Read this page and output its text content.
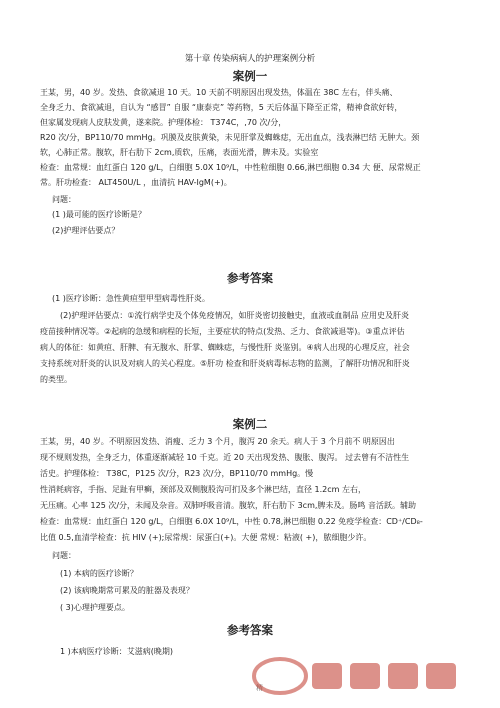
第十章 传染病病人的护理案例分析
案例一
王某，男，40 岁。发热、食欲减退 10 天。10 天前不明原因出现发热，体温在 38C 左右，伴头痛、
全身乏力、食欲减退，自认为 “感冒” 自服 “康泰克” 等药物，5 天后体温下降至正常，精神食欲好转，
但家属发现病人皮肤发黄，遂来院。护理体检： T374C，,70 次/分，
R20 次/分，BP110/70 mmHg。巩膜及皮肤黄染，未见肝掌及蜘蛛痣，无出血点，浅表淋巴结 无肿大。颈
软，心肺正常。腹软，肝右肋下 2cm,质软，压痛，表面光滑，脾未及。实验室
检查：血常规：血红蛋白 120 g/L，白细胞 5.0X 10⁹/L，中性粒细胞 0.66,淋巴细胞 0.34 大 便、尿常规正
常。肝功检查： ALT450U/L ，血清抗 HAV-IgM(+)。
问题：
(1 )最可能的医疗诊断是？
(2)护理评估要点？
参考答案
(1 )医疗诊断：急性黄疸型甲型病毒性肝炎。
(2)护理评估要点：①流行病学史及个体免疫情况，如肝炎密切接触史，血液或血制品 应用史及肝炎
疫苗接种情况等。②起病的急缓和病程的长短，主要症状的特点(发热、乏力、食欲减退等)。③重点评估
病人的体征：如黄疸、肝脾、有无腹水、肝掌、蜘蛛痣，与慢性肝 炎鉴别。④病人出现的心理反应，社会
支持系统对肝炎的认识及对病人的关心程度。⑤肝功 检查和肝炎病毒标志物的监测，了解肝功情况和肝炎
的类型。
案例二
王某，男，40 岁。不明原因发热、消瘦、乏力 3 个月，腹泻 20 余天。病人于 3 个月前不 明原因出
现不规则发热，全身乏力，体重逐渐减轻 10 千克。近 20 天出现发热、腹胀、腹泻。 过去曾有不洁性生
活史。护理体检： T38C，P125 次/分，R23 次/分，BP110/70 mmHg。慢
性消耗病容，手指、足趾有甲癣，颈部及双侧腹股沟可扪及多个淋巴结，直径 1.2cm 左右，
无压痛。心率 125 次/分，未闻及杂音。双肺呼吸音清。腹软，肝右肋下 3cm,脾未及。肠鸣 音活跃。辅助
检查：血常规：血红蛋白 120 g/L，白细胞 6.0X 10⁹/L，中性 0.78,淋巴细胞 0.22 免疫学检查：CD⁺/CD₈-
比值 0.5,血清学检查：抗 HIV (+);尿常规：尿蛋白(+)。大便 常规：粘液( +)，脓细胞少许。
问题：
(1) 本病的医疗诊断？
(2) 该病晚期常可累及的脏器及表现？
( 3)心理护理要点。
参考答案
1 )本病医疗诊断：艾滋病(晚期)
精
